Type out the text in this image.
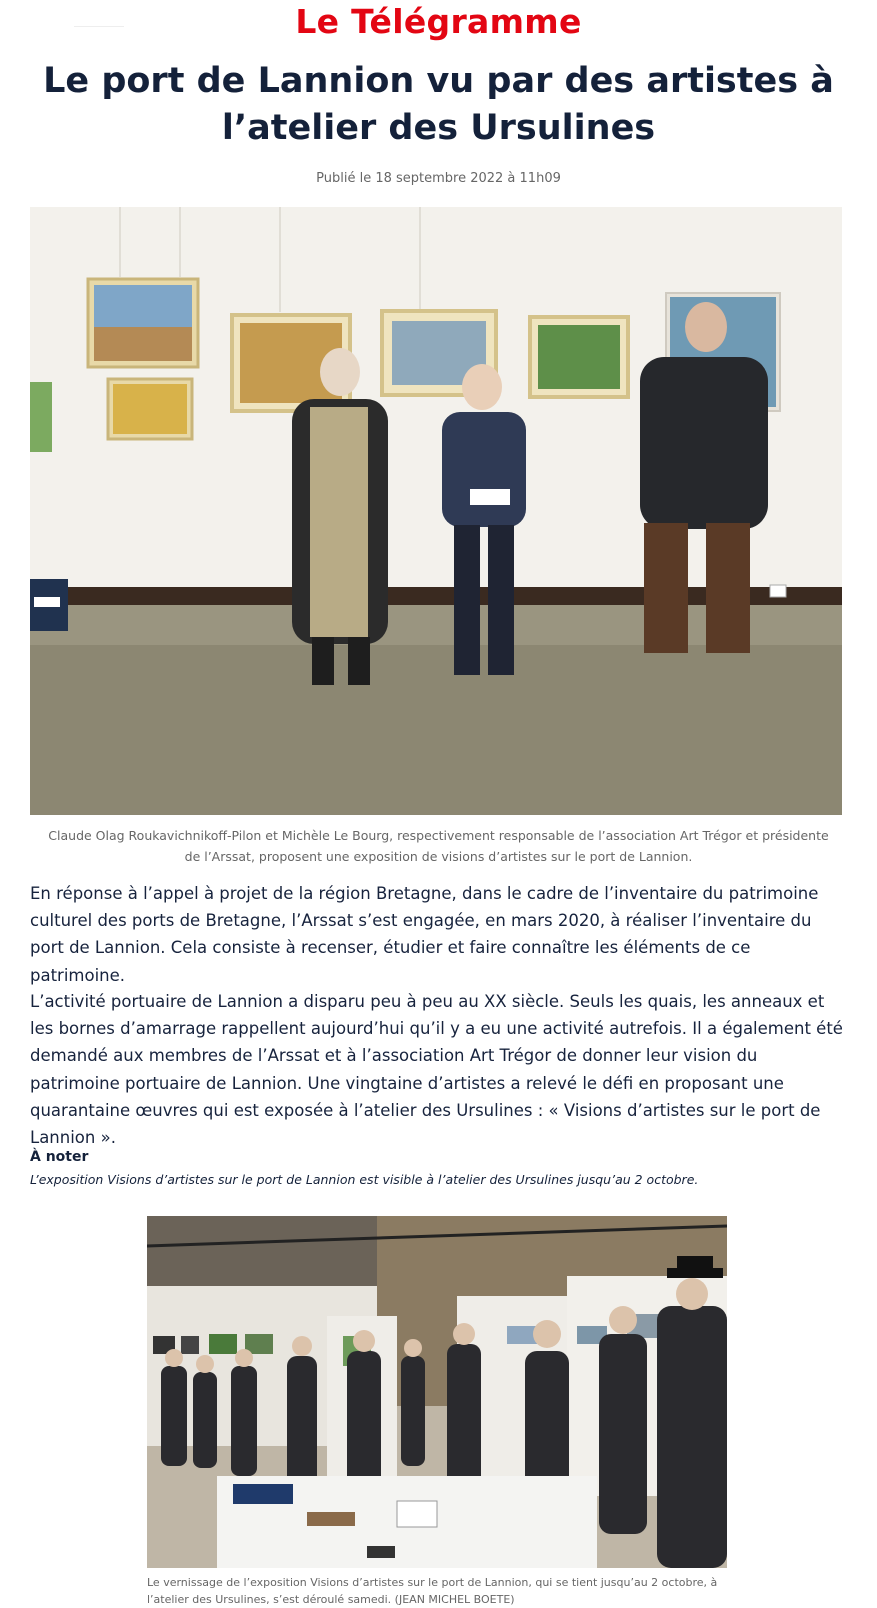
Le Télégramme
Le port de Lannion vu par des artistes à l’atelier des Ursulines
Publié le 18 septembre 2022 à 11h09
Claude Olag Roukavichnikoff-Pilon et Michèle Le Bourg, respectivement responsable de l’association Art Trégor et présidente de l’Arssat, proposent une exposition de visions d’artistes sur le port de Lannion.

En réponse à l’appel à projet de la région Bretagne, dans le cadre de l’inventaire du patrimoine culturel des ports de Bretagne, l’Arssat s’est engagée, en mars 2020, à réaliser l’inventaire du port de Lannion. Cela consiste à recenser, étudier et faire connaître les éléments de ce patrimoine.

L’activité portuaire de Lannion a disparu peu à peu au XX siècle. Seuls les quais, les anneaux et les bornes d’amarrage rappellent aujourd’hui qu’il y a eu une activité autrefois. Il a également été demandé aux membres de l’Arssat et à l’association Art Trégor de donner leur vision du patrimoine portuaire de Lannion. Une vingtaine d’artistes a relevé le défi en proposant une quarantaine œuvres qui est exposée à l’atelier des Ursulines : « Visions d’artistes sur le port de Lannion ».

À noter
L’exposition Visions d’artistes sur le port de Lannion est visible à l’atelier des Ursulines jusqu’au 2 octobre.
Le vernissage de l’exposition Visions d’artistes sur le port de Lannion, qui se tient jusqu’au 2 octobre, à l’atelier des Ursulines, s’est déroulé samedi. (JEAN MICHEL BOETE)
